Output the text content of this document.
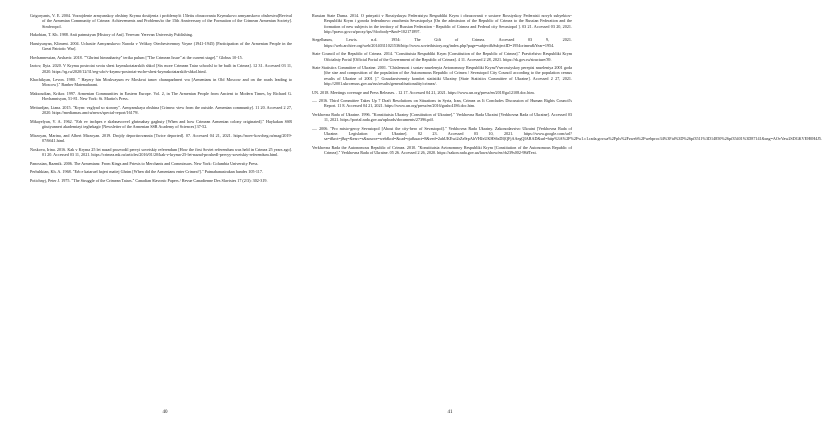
Grigoryants, V. E. 2004. Vozrojdenie armyanskoy obshiny Kryma dostijenia i problemy/it 15letiu obrazovania Krymskovo armyanskovo obshestva[Revival of the Armenian Community of Crimea: Achievements and Problems/to the 15th Anniversary of the Formation of the Crimean Armenian Society]. Simferopol.
Hakobian, T. Kh. 1988. Anii patmutyun [History of Ani]. Yerevan: Yerevan University Publishing.
Harutyunyan, Kliment. 2004. Uchastie Armyanskovo Naroda v Velikoy Otechestvennoy Voyne (1941-1945) [Participation of the Armenian People in the Great Patriotic War].
Hovhannessian, Arshavir. 2018. ""Ghrimi himnahartsy" terika pulum ["The Crimean Issue" at the current stage]." Globus 10-15.
Izotov, Ilyia. 2020. V Krymu postroiat svoiu shest krymskotatarskih shkol [Six more Crimean Tatar schoolsl to be built in Crimea]. 12 31. Accessed 03 11, 2020. https://rg.ru/2020/12/31/reg-ufo/v-krymu-postroiat-esche-shest-krymskotatarskih-shkol.html.
Khachikyan, Levon. 1980. " Hayery hin Moskvayum ev Moskvai tanov chanaparhneri vra [Armenians in Old Moscow and on the roads leading to Moscow]." Banber Matenadarani.
Maksoudian, Krikor. 1997. Armenian Communities in Eastern Europe. Vol. 2, in The Armenian People from Ancient to Modern Times, by Richard G. Hovhannisyan, 51-81. New York: St. Martin's Press.
Meiturdjan, Liana. 2015. "Krym: vzglyad so storony". Armyanskaya obshina [Crimea: view from the outside. Armenian community]. 11 20. Accessed 2 27, 2020. https://mediamax.am/ru/news/special-report/16179/.
Mikayelyan, V. A. 1962. "Erb ev inchpes e skzbnavorvel ghrimahay gaghuty [When and how Crimean Armenian colony originated]." Haykakan SSR gitutyunneri akademiayi teghekagir [Newsletter of the Armenian SSR Academy of Sciences] 37-52.
Mirzoyan, Marina, and Albert Mirzoyan. 2019. Drojdy deportirovannia [Twice deported]. 07. Accessed 04 21, 2021. https://noev-kovcheg.ru/mag/2019-07/6641.html.
Noskova, Irina. 2016. Kak v Kryma 25 let nazad prozvodil pervyi sovetskiy referendum [How the first Soviet referendum was held in Crimea 25 years ago]. 01 20. Accessed 03 11, 2021. https://crimea.mk.ru/articles/2016/01/20/kak-v-kryma-25-let-nazad-proshedl-pervyy-sovetskiy-referendum.html.
Panossian, Razmik. 2006. The Armenians: From Kings and Priests to Merchants and Commissars. New York: Columbia University Press.
Perhshkian, Kh. A. 1968. "Erb e kataruel hajeri matiej Ghrim [When did the Armenians enter Crimea?]." Patmabanasirakan handes 105-117.
Potichnyj, Peter J. 1975. "The Struggle of the Crimean Tatars." Canadian Slavonic Papers / Revue Canadienne Des Slavistes 17 (2/3): 302-319.
40
Russian State Duma. 2014. O prinyatii v Rossiyskuyu Federatsiyu Respubliki Krym i obrazovanii v sostave Rossiyskoy Federatsii novyh subyektov-Respubliki Krym i goroda federalnovo znachenia Sevastopolya [On the admission of the Republic of Crimea to the Russian Federation and the formation of new subjects in the territory of Russian Federation - Republic of Crimea and Federal city Sevastopol ]. 03 21. Accessed 03 20, 2021. http://pravo.gov.ru/proxy/ips/?docbody=&nd=102171897.
Siegelbaum, Lewis. n.d. 1954: The Gift of Crimea. Accessed 03 9, 2021. https://web.archive.org/web/20140311021536/http://www.soviethistory.org/index.php?page=subject&SubjectID=1954crimea&Year=1954.
State Council of the Republic of Crimea. 2014. "Constitutsia Respubliki Krym [Constitution of the Republic of Crimea]." Pravitelstvo Respubliki Krym Oficialniy Portal [Official Portal of the Government of the Republic of Crimea]. 4 11. Accessed 2 28, 2021. https://rk.gov.ru/structure/39.
State Statistics Committee of Ukraine. 2001. "Chislennost i sostav naselenyia Avtonomnoy Respubliki Krym/Vserossiyskoy perepisi naseleniya 2001 goda [the size and composition of the population of the Autonomous Republic of Crimea / Sevastopol City Council according to the population census results of Ukraine of 2001 ]." Gosudarstvenniy komitet statistiki Ukrainy [State Statistics Committee of Ukraine]. Accessed 2 27, 2021. http://2001.ukrcensus.gov.ua/rus/results/general/nationality/crimea/.
UN. 2018. Meetings coverage and Press Releases. . 12 17. Accessed 04 21, 2021. https://www.un.org/press/en/2018/ga12108.doc.htm.
—. 2016. Third Committee Takes Up 7 Draft Resolutions on Situations in Syria, Iran, Crimea as It Concludes Discussion of Human Rights Council's Report. 11 8. Accessed 04 21, 2021. https://www.un.org/press/en/2016/gashc4186.doc.htm.
Verkhovna Rada of Ukraine. 1996. "Konstitutsia Ukrainy [Constitution of Ukraine]." Verkhovna Rada Ukraini [Verkhovna Rada of Ukraine]. Accessed 03 11, 2021. https://portal.rada.gov.ua/uploads/documents/27396.pdf.
—. 2006. "Pro misto-geroy Sevastopol [About the city-hero of Sevastopol]." Verkhovna Rada Ukrainy. Zakonodavstvo Ukraini [Verkhovna Rada of Ukraine. Legislation of Ukraine]. 02 23. Accessed 03 10, 2021. https://www.google.com/url?sa=t&rct=j&q=&esrc=s&source=web&cd=&cad=rja&uact=8&ved=2ahUKEwi2rZz9rpAhVHJzUKHS6sDI(QFjAAegQIARAD&url=http%3A%2F%2Fw1.c1.rada.gov.ua%2Fpls%2Fzweb%2Fwebproc34%3Fid%3D%26pf3511%3D14850%26pf35401%3D87141&usg=AOvVaw2SDGKVEH0H4J5.
Verkhovna Rada the Autonomous Republic of Crimea. 2010. "Konstitutsia Avtonomnoy Respubliki Krym [Constitution of the Autonomous Republic of Crimea]." Verkhovna Rada of Ukraine. 05 26. Accessed 2 26, 2020. https://zakon.rada.gov.ua/laws/show/en/rb239s002-98#Text.
41
